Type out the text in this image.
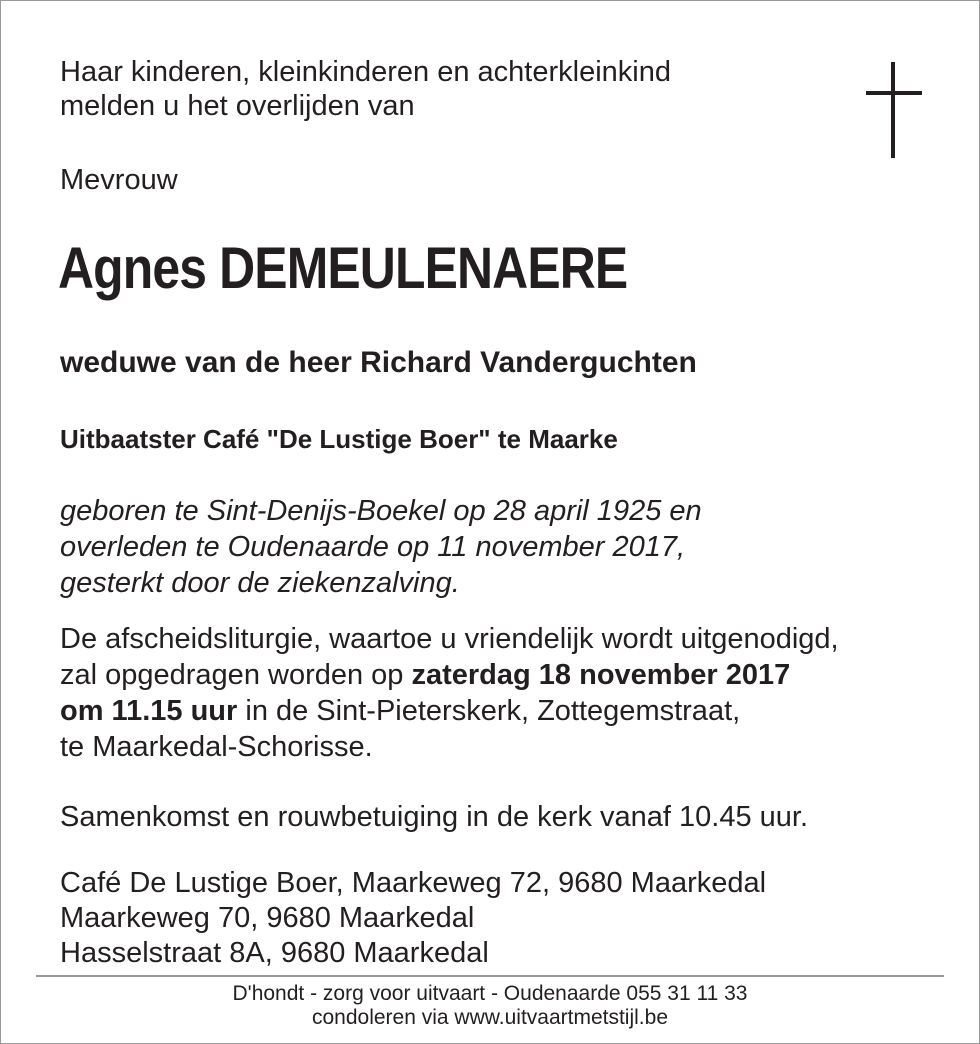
Haar kinderen, kleinkinderen en achterkleinkind
melden u het overlijden van
Mevrouw
Agnes DEMEULENAERE
weduwe van de heer Richard Vanderguchten
Uitbaatster Café "De Lustige Boer" te Maarke
geboren te Sint-Denijs-Boekel op 28 april 1925 en
overleden te Oudenaarde op 11 november 2017,
gesterkt door de ziekenzalving.
De afscheidsliturgie, waartoe u vriendelijk wordt uitgenodigd,
zal opgedragen worden op zaterdag 18 november 2017
om 11.15 uur in de Sint-Pieterskerk, Zottegemstraat,
te Maarkedal-Schorisse.
Samenkomst en rouwbetuiging in de kerk vanaf 10.45 uur.
Café De Lustige Boer, Maarkeweg 72, 9680 Maarkedal
Maarkeweg 70, 9680 Maarkedal
Hasselstraat 8A, 9680 Maarkedal
D'hondt - zorg voor uitvaart - Oudenaarde 055 31 11 33
condoleren via www.uitvaartmetstijl.be
